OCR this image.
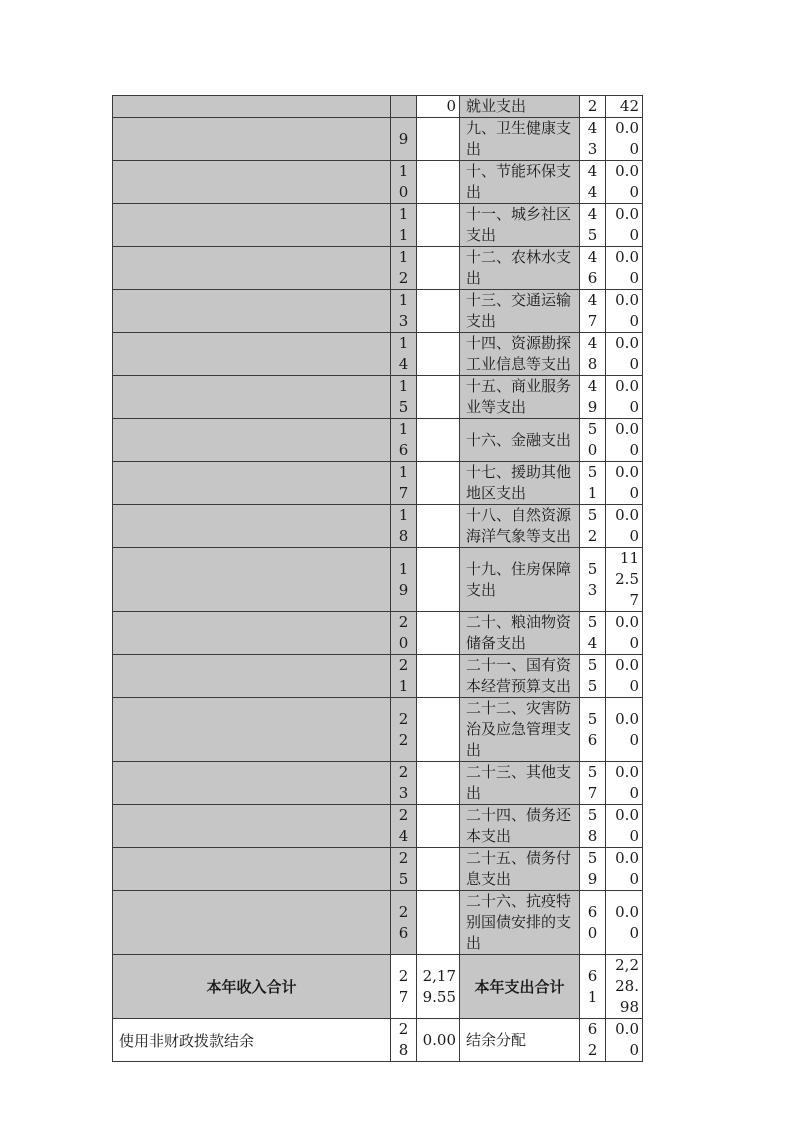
		0	就业支出	2	42
	9		九、卫生健康支出	43	0.00
	10		十、节能环保支出	44	0.00
	11		十一、城乡社区支出	45	0.00
	12		十二、农林水支出	46	0.00
	13		十三、交通运输支出	47	0.00
	14		十四、资源勘探工业信息等支出	48	0.00
	15		十五、商业服务业等支出	49	0.00
	16		十六、金融支出	50	0.00
	17		十七、援助其他地区支出	51	0.00
	18		十八、自然资源海洋气象等支出	52	0.00
	19		十九、住房保障支出	53	112.57
	20		二十、粮油物资储备支出	54	0.00
	21		二十一、国有资本经营预算支出	55	0.00
	22		二十二、灾害防治及应急管理支出	56	0.00
	23		二十三、其他支出	57	0.00
	24		二十四、债务还本支出	58	0.00
	25		二十五、债务付息支出	59	0.00
	26		二十六、抗疫特别国债安排的支出	60	0.00
本年收入合计	27	2,179.55	本年支出合计	61	2,228.98
使用非财政拨款结余	28	0.00	结余分配	62	0.00
